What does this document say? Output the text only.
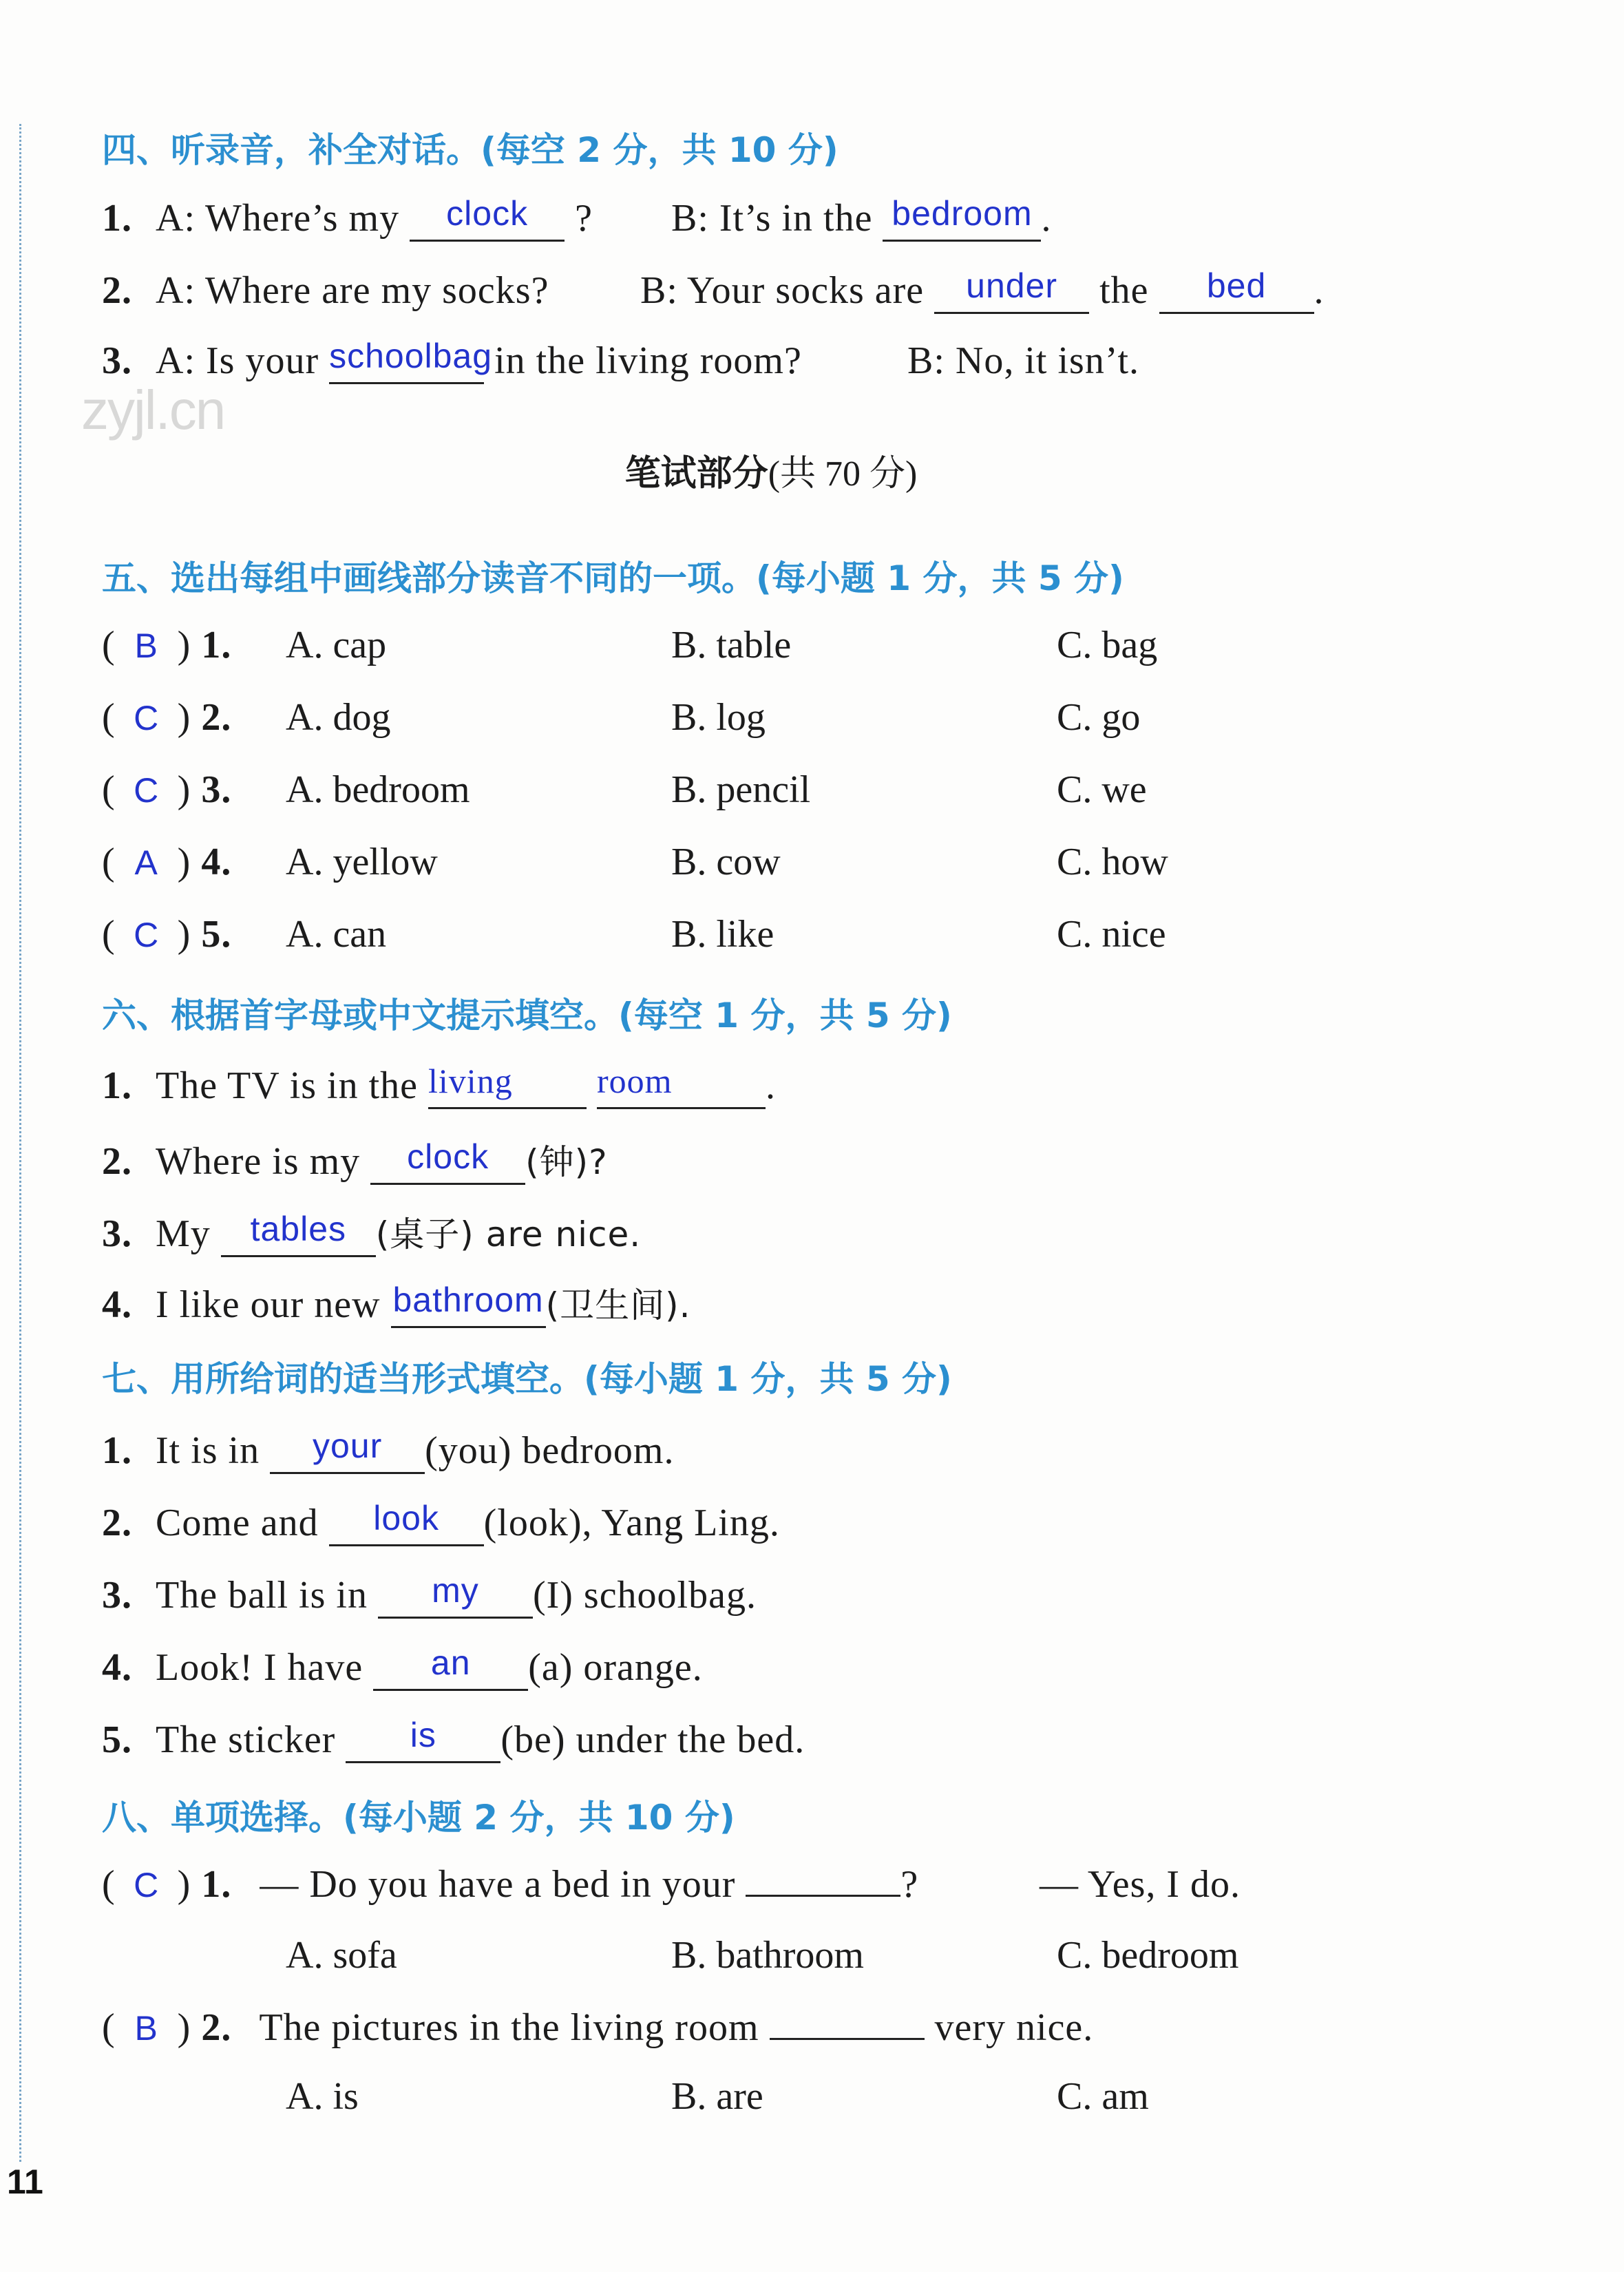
zyjl.cn
四、听录音，补全对话。(每空 2 分，共 10 分)
1. A: Where’s my clock ? B: It’s in the bedroom .
2. A: Where are my socks? B: Your socks are under the bed .
3. A: Is your schoolbag in the living room?	B: No, it isn’t.
笔试部分(共 70 分)
五、选出每组中画线部分读音不同的一项。(每小题 1 分，共 5 分)
( B ) 1.	A. cap	B. table	C. bag
( C ) 2.	A. dog	B. log	C. go
( C ) 3.	A. bedroom	B. pencil	C. we
( A ) 4.	A. yellow	B. cow	C. how
( C ) 5.	A. can	B. like	C. nice
六、根据首字母或中文提示填空。(每空 1 分，共 5 分)
1. The TV is in the living room .
2. Where is my clock (钟)?
3. My tables (桌子) are nice.
4. I like our new bathroom(卫生间).
七、用所给词的适当形式填空。(每小题 1 分，共 5 分)
1. It is in your (you) bedroom.
2. Come and look (look), Yang Ling.
3. The ball is in my (I) schoolbag.
4. Look! I have an (a) orange.
5. The sticker is (be) under the bed.
八、单项选择。(每小题 2 分，共 10 分)
( C ) 1. — Do you have a bed in your	?	— Yes, I do.
A. sofa	B. bathroom	C. bedroom
( B ) 2. The pictures in the living room	very nice.
A. is	B. are	C. am
11
